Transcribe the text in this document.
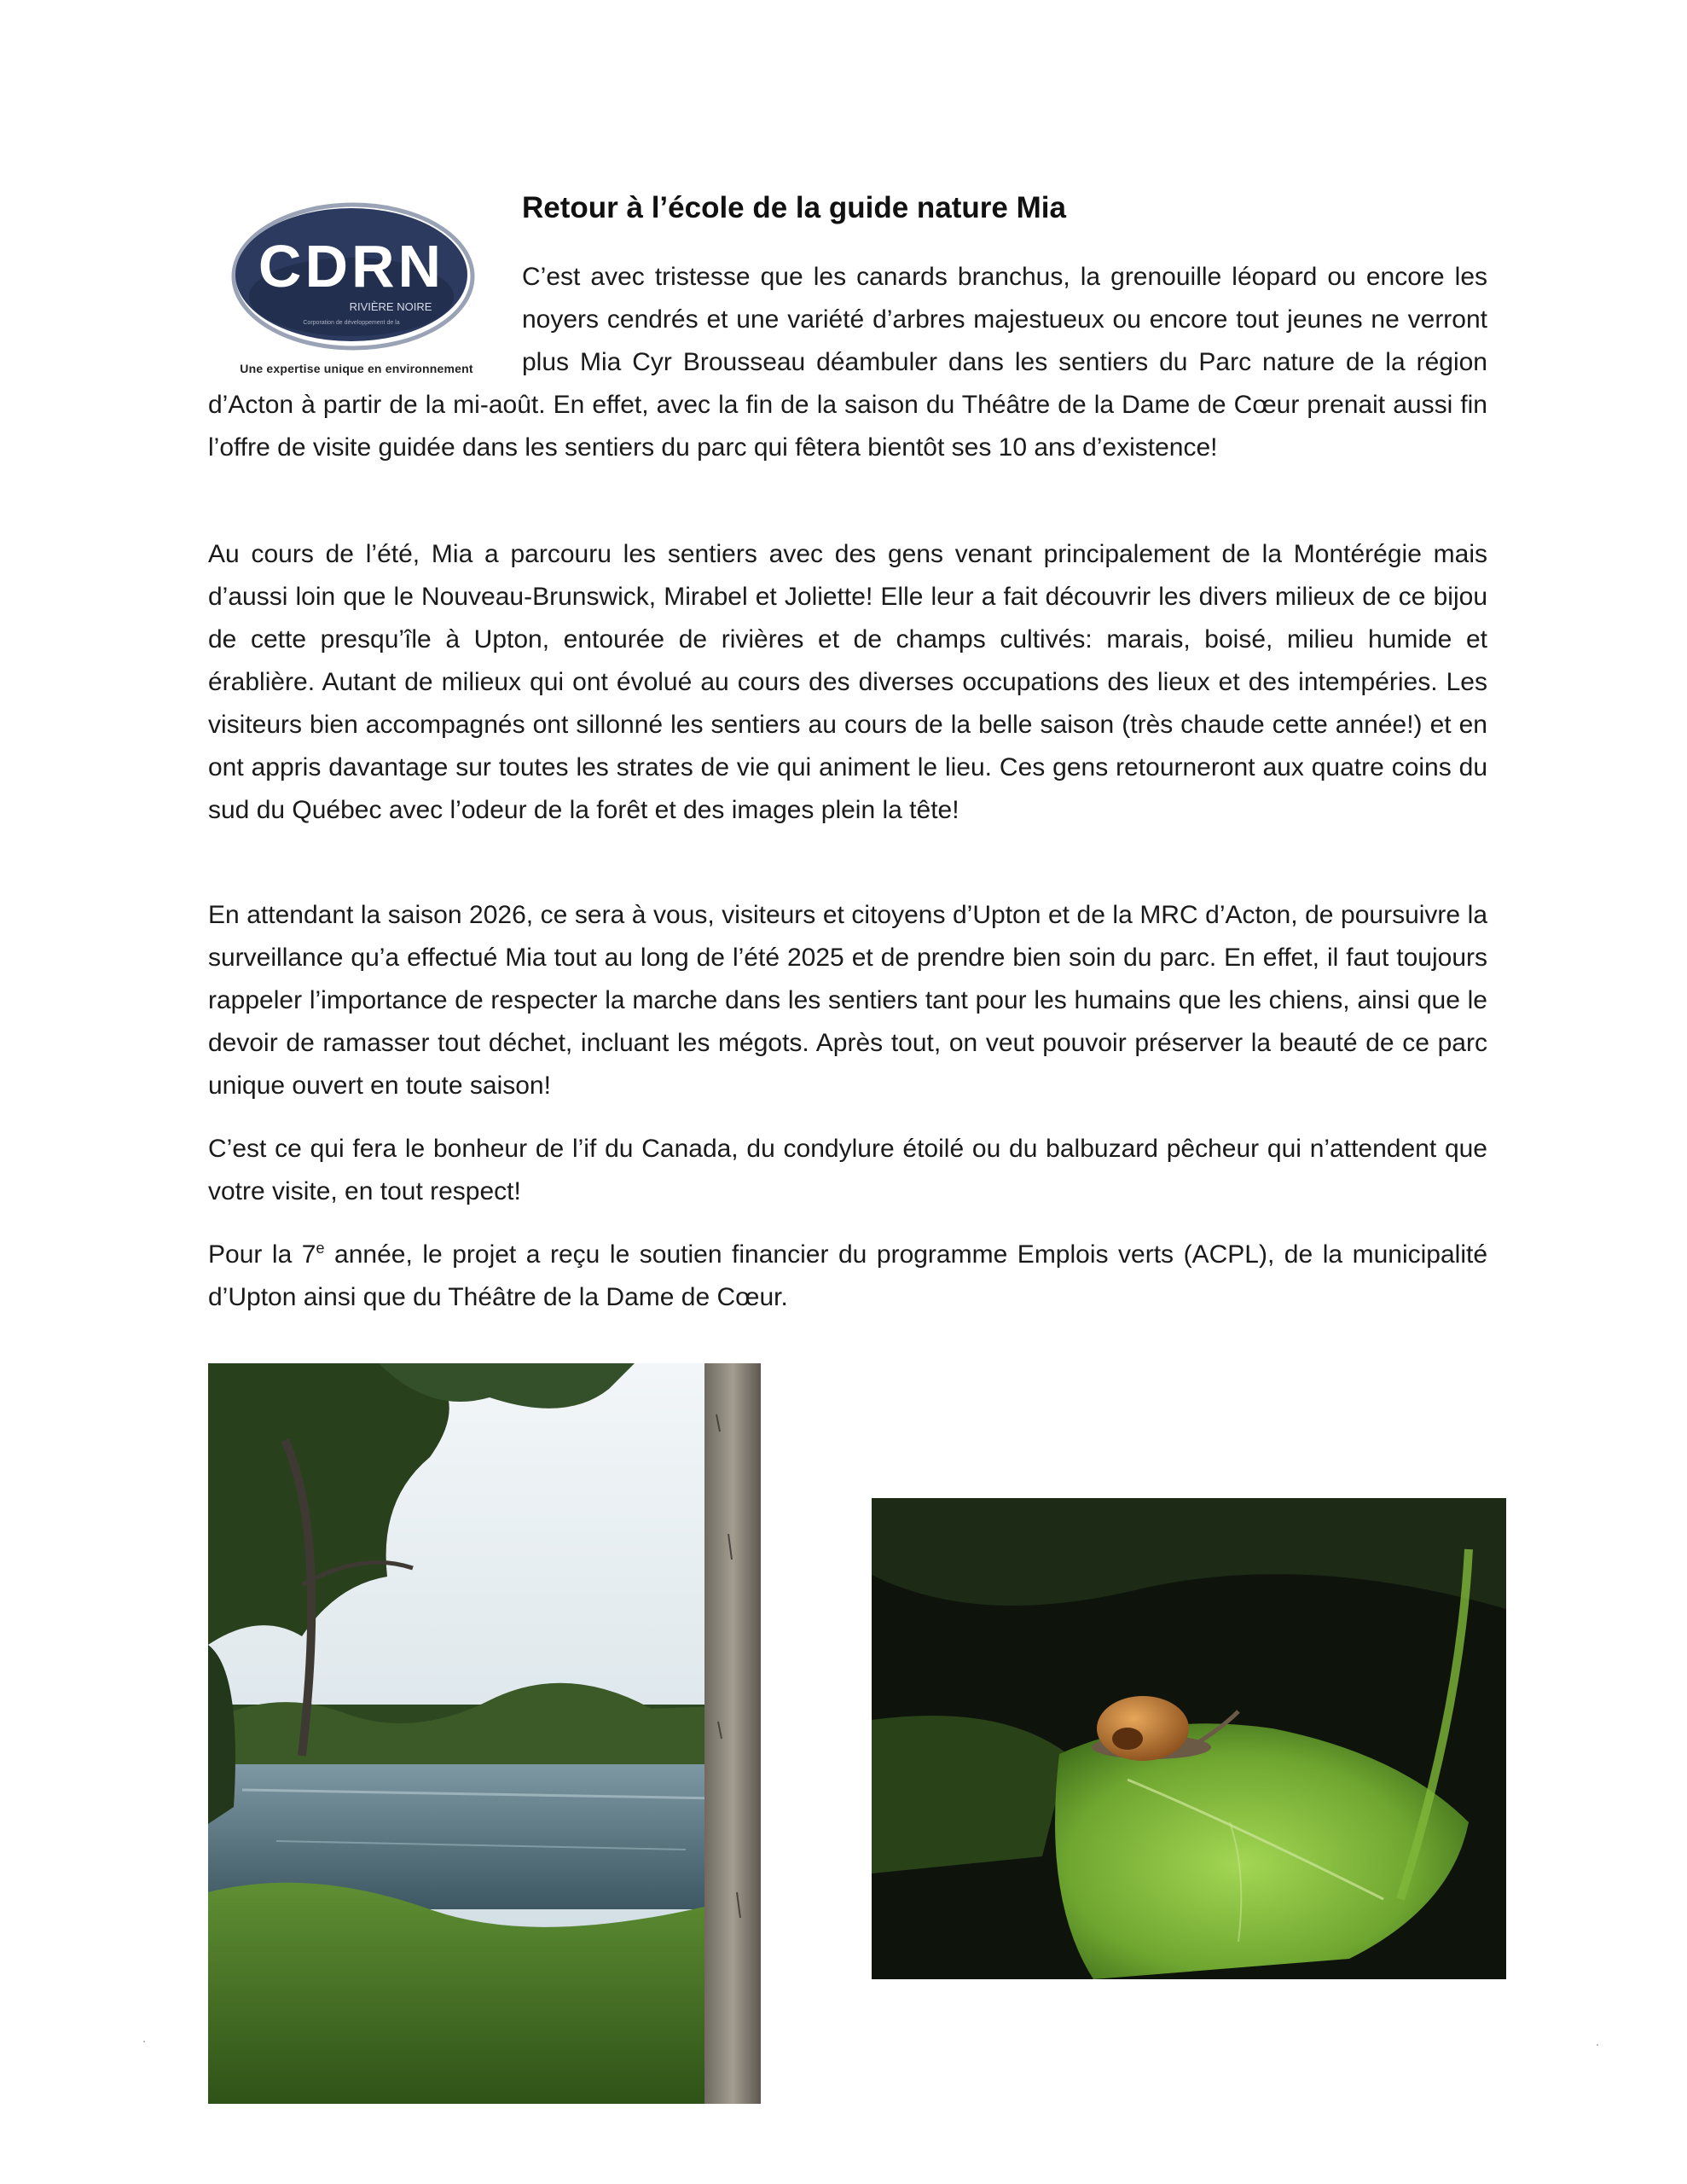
CDRN
RIVIÈRE NOIRE
Corporation de développement de la
Une expertise unique en environnement
Retour à l’école de la guide nature Mia

C’est avec tristesse que les canards branchus, la grenouille léopard ou encore les noyers cendrés et une variété d’arbres majestueux ou encore tout jeunes ne verront plus Mia Cyr Brousseau déambuler dans les sentiers du Parc nature de la région d’Acton à partir de la mi-août. En effet, avec la fin de la saison du Théâtre de la Dame de Cœur prenait aussi fin l’offre de visite guidée dans les sentiers du parc qui fêtera bientôt ses 10 ans d’existence!

Au cours de l’été, Mia a parcouru les sentiers avec des gens venant principalement de la Montérégie mais d’aussi loin que le Nouveau-Brunswick, Mirabel et Joliette! Elle leur a fait découvrir les divers milieux de ce bijou de cette presqu’île à Upton, entourée de rivières et de champs cultivés: marais, boisé, milieu humide et érablière. Autant de milieux qui ont évolué au cours des diverses occupations des lieux et des intempéries. Les visiteurs bien accompagnés ont sillonné les sentiers au cours de la belle saison (très chaude cette année!) et en ont appris davantage sur toutes les strates de vie qui animent le lieu. Ces gens retourneront aux quatre coins du sud du Québec avec l’odeur de la forêt et des images plein la tête!

En attendant la saison 2026, ce sera à vous, visiteurs et citoyens d’Upton et de la MRC d’Acton, de poursuivre la surveillance qu’a effectué Mia tout au long de l’été 2025 et de prendre bien soin du parc. En effet, il faut toujours rappeler l’importance de respecter la marche dans les sentiers tant pour les humains que les chiens, ainsi que le devoir de ramasser tout déchet, incluant les mégots. Après tout, on veut pouvoir préserver la beauté de ce parc unique ouvert en toute saison!

C’est ce qui fera le bonheur de l’if du Canada, du condylure étoilé ou du balbuzard pêcheur qui n’attendent que votre visite, en tout respect!

Pour la 7e année, le projet a reçu le soutien financier du programme Emplois verts (ACPL), de la municipalité d’Upton ainsi que du Théâtre de la Dame de Cœur.
